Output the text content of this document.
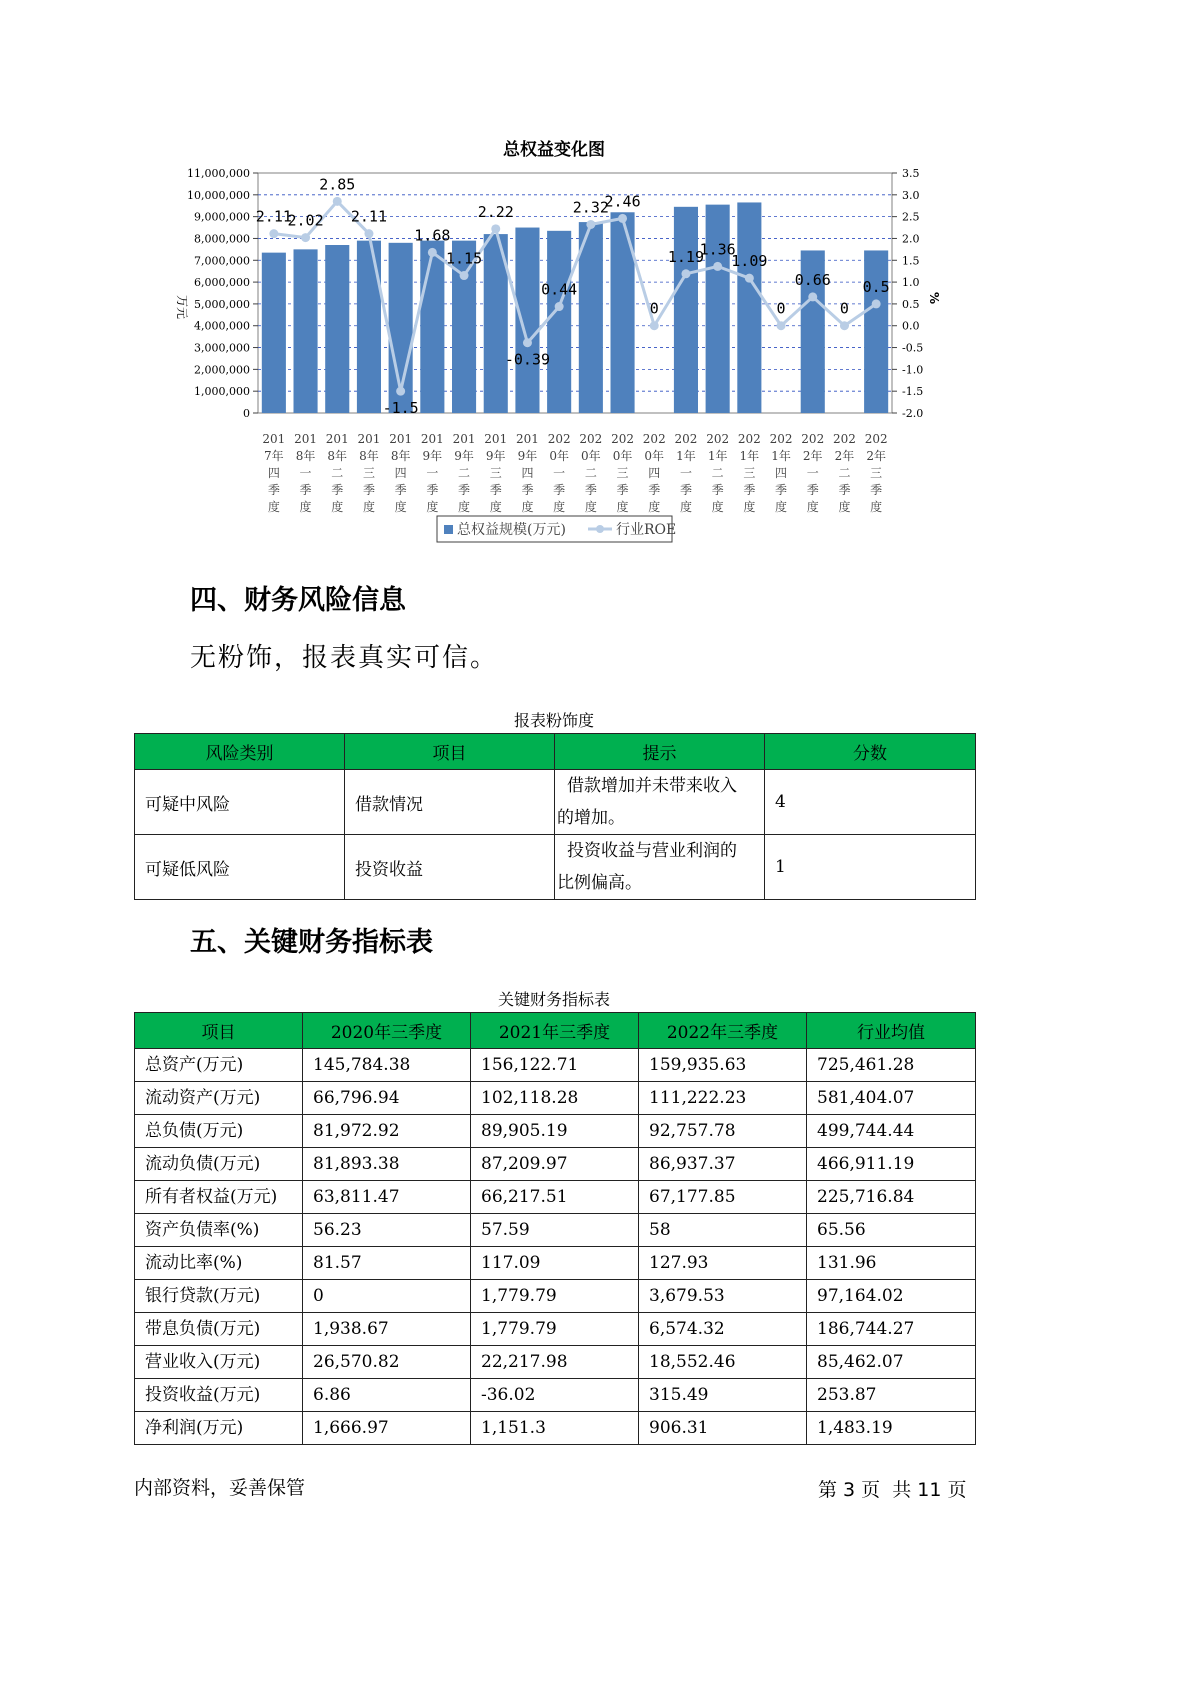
总权益变化图
2.11
2.02
2.85
2.11
-1.5
1.68
1.15
2.22
-0.39
0.44
2.32
2.46
0
1.19
1.36
1.09
0
0.66
0
0.5
11,000,000
10,000,000
9,000,000
8,000,000
7,000,000
6,000,000
5,000,000
4,000,000
3,000,000
2,000,000
1,000,000
0
3.5
3.0
2.5
2.0
1.5
1.0
0.5
0.0
-0.5
-1.0
-1.5
-2.0
201
7年
四
季
度
201
8年
一
季
度
201
8年
二
季
度
201
8年
三
季
度
201
8年
四
季
度
201
9年
一
季
度
201
9年
二
季
度
201
9年
三
季
度
201
9年
四
季
度
202
0年
一
季
度
202
0年
二
季
度
202
0年
三
季
度
202
0年
四
季
度
202
1年
一
季
度
202
1年
二
季
度
202
1年
三
季
度
202
1年
四
季
度
202
2年
一
季
度
202
2年
二
季
度
202
2年
三
季
度
万元	%
总权益规模(万元)	行业ROE
四、财务风险信息
无粉饰，报表真实可信。
报表粉饰度
风险类别	项目	提示	分数
可疑中风险	借款情况	借款增加并未带来收入
的增加。	4
可疑低风险	投资收益	投资收益与营业利润的
比例偏高。	1
五、关键财务指标表
关键财务指标表
项目	2020年三季度	2021年三季度	2022年三季度	行业均值
总资产(万元)	145,784.38	156,122.71	159,935.63	725,461.28
流动资产(万元)	66,796.94	102,118.28	111,222.23	581,404.07
总负债(万元)	81,972.92	89,905.19	92,757.78	499,744.44
流动负债(万元)	81,893.38	87,209.97	86,937.37	466,911.19
所有者权益(万元)	63,811.47	66,217.51	67,177.85	225,716.84
资产负债率(%)	56.23	57.59	58	65.56
流动比率(%)	81.57	117.09	127.93	131.96
银行贷款(万元)	0	1,779.79	3,679.53	97,164.02
带息负债(万元)	1,938.67	1,779.79	6,574.32	186,744.27
营业收入(万元)	26,570.82	22,217.98	18,552.46	85,462.07
投资收益(万元)	6.86	-36.02	315.49	253.87
净利润(万元)	1,666.97	1,151.3	906.31	1,483.19
内部资料，妥善保管	第 3 页  共 11 页
